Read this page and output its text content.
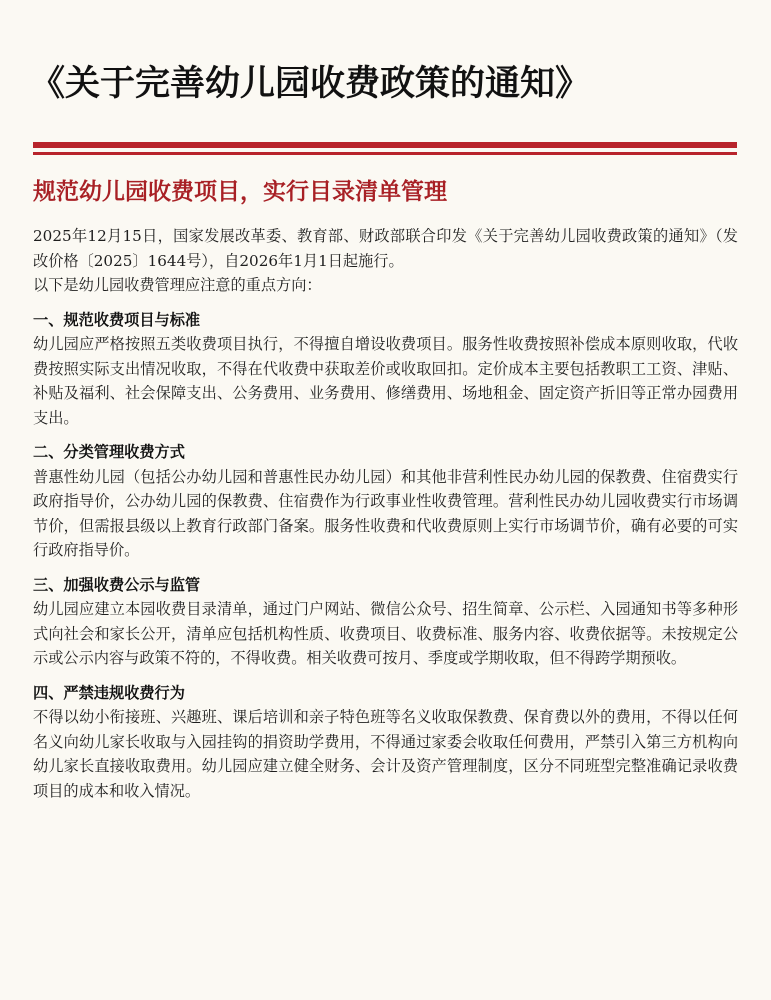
《关于完善幼儿园收费政策的通知》
规范幼儿园收费项目，实行目录清单管理

2025年12月15日，国家发展改革委、教育部、财政部联合印发《关于完善幼儿园收费政策的通知》（发改价格〔2025〕1644号），自2026年1月1日起施行。

以下是幼儿园收费管理应注意的重点方向：

一、规范收费项目与标准

幼儿园应严格按照五类收费项目执行，不得擅自增设收费项目。服务性收费按照补偿成本原则收取，代收费按照实际支出情况收取，不得在代收费中获取差价或收取回扣。定价成本主要包括教职工工资、津贴、补贴及福利、社会保障支出、公务费用、业务费用、修缮费用、场地租金、固定资产折旧等正常办园费用支出。

二、分类管理收费方式

普惠性幼儿园（包括公办幼儿园和普惠性民办幼儿园）和其他非营利性民办幼儿园的保教费、住宿费实行政府指导价，公办幼儿园的保教费、住宿费作为行政事业性收费管理。营利性民办幼儿园收费实行市场调节价，但需报县级以上教育行政部门备案。服务性收费和代收费原则上实行市场调节价，确有必要的可实行政府指导价。

三、加强收费公示与监管

幼儿园应建立本园收费目录清单，通过门户网站、微信公众号、招生简章、公示栏、入园通知书等多种形式向社会和家长公开，清单应包括机构性质、收费项目、收费标准、服务内容、收费依据等。未按规定公示或公示内容与政策不符的，不得收费。相关收费可按月、季度或学期收取，但不得跨学期预收。

四、严禁违规收费行为

不得以幼小衔接班、兴趣班、课后培训和亲子特色班等名义收取保教费、保育费以外的费用，不得以任何名义向幼儿家长收取与入园挂钩的捐资助学费用，不得通过家委会收取任何费用，严禁引入第三方机构向幼儿家长直接收取费用。幼儿园应建立健全财务、会计及资产管理制度，区分不同班型完整准确记录收费项目的成本和收入情况。
